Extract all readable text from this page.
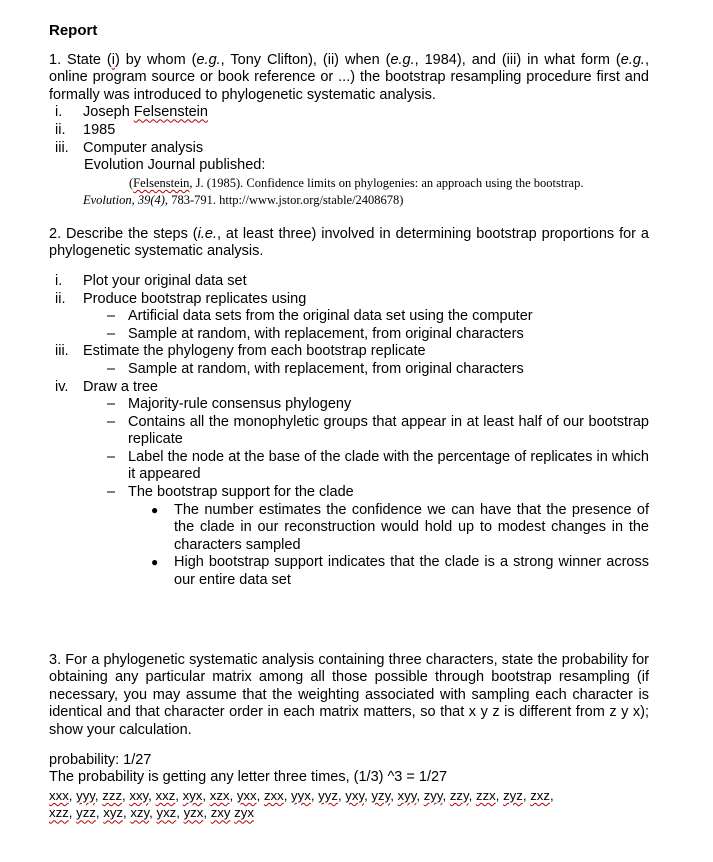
Report

1. State (i) by whom (e.g., Tony Clifton), (ii) when (e.g., 1984), and (iii) in what form (e.g., online program source or book reference or ...) the bootstrap resampling procedure first and formally was introduced to phylogenetic systematic analysis.

i. Joseph Felsenstein
ii. 1985
iii. Computer analysis
Evolution Journal published:
(Felsenstein, J. (1985). Confidence limits on phylogenies: an approach using the bootstrap.
Evolution, 39(4), 783-791. http://www.jstor.org/stable/2408678)

2. Describe the steps (i.e., at least three) involved in determining bootstrap proportions for a phylogenetic systematic analysis.

i. Plot your original data set
ii. Produce bootstrap replicates using
– Artificial data sets from the original data set using the computer
– Sample at random, with replacement, from original characters
iii. Estimate the phylogeny from each bootstrap replicate
– Sample at random, with replacement, from original characters
iv. Draw a tree
– Majority-rule consensus phylogeny
– Contains all the monophyletic groups that appear in at least half of our bootstrap replicate
– Label the node at the base of the clade with the percentage of replicates in which it appeared
– The bootstrap support for the clade
● The number estimates the confidence we can have that the presence of the clade in our reconstruction would hold up to modest changes in the characters sampled
● High bootstrap support indicates that the clade is a strong winner across our entire data set

3. For a phylogenetic systematic analysis containing three characters, state the probability for obtaining any particular matrix among all those possible through bootstrap resampling (if necessary, you may assume that the weighting associated with sampling each character is identical and that character order in each matrix matters, so that x y z is different from z y x); show your calculation.

probability: 1/27
The probability is getting any letter three times, (1/3) ^3 = 1/27
xxx, yyy, zzz, xxy, xxz, xyx, xzx, yxx, zxx, yyx, yyz, yxy, yzy, xyy, zyy, zzy, zzx, zyz, zxz,
xzz, yzz, xyz, xzy, yxz, yzx, zxy zyx
